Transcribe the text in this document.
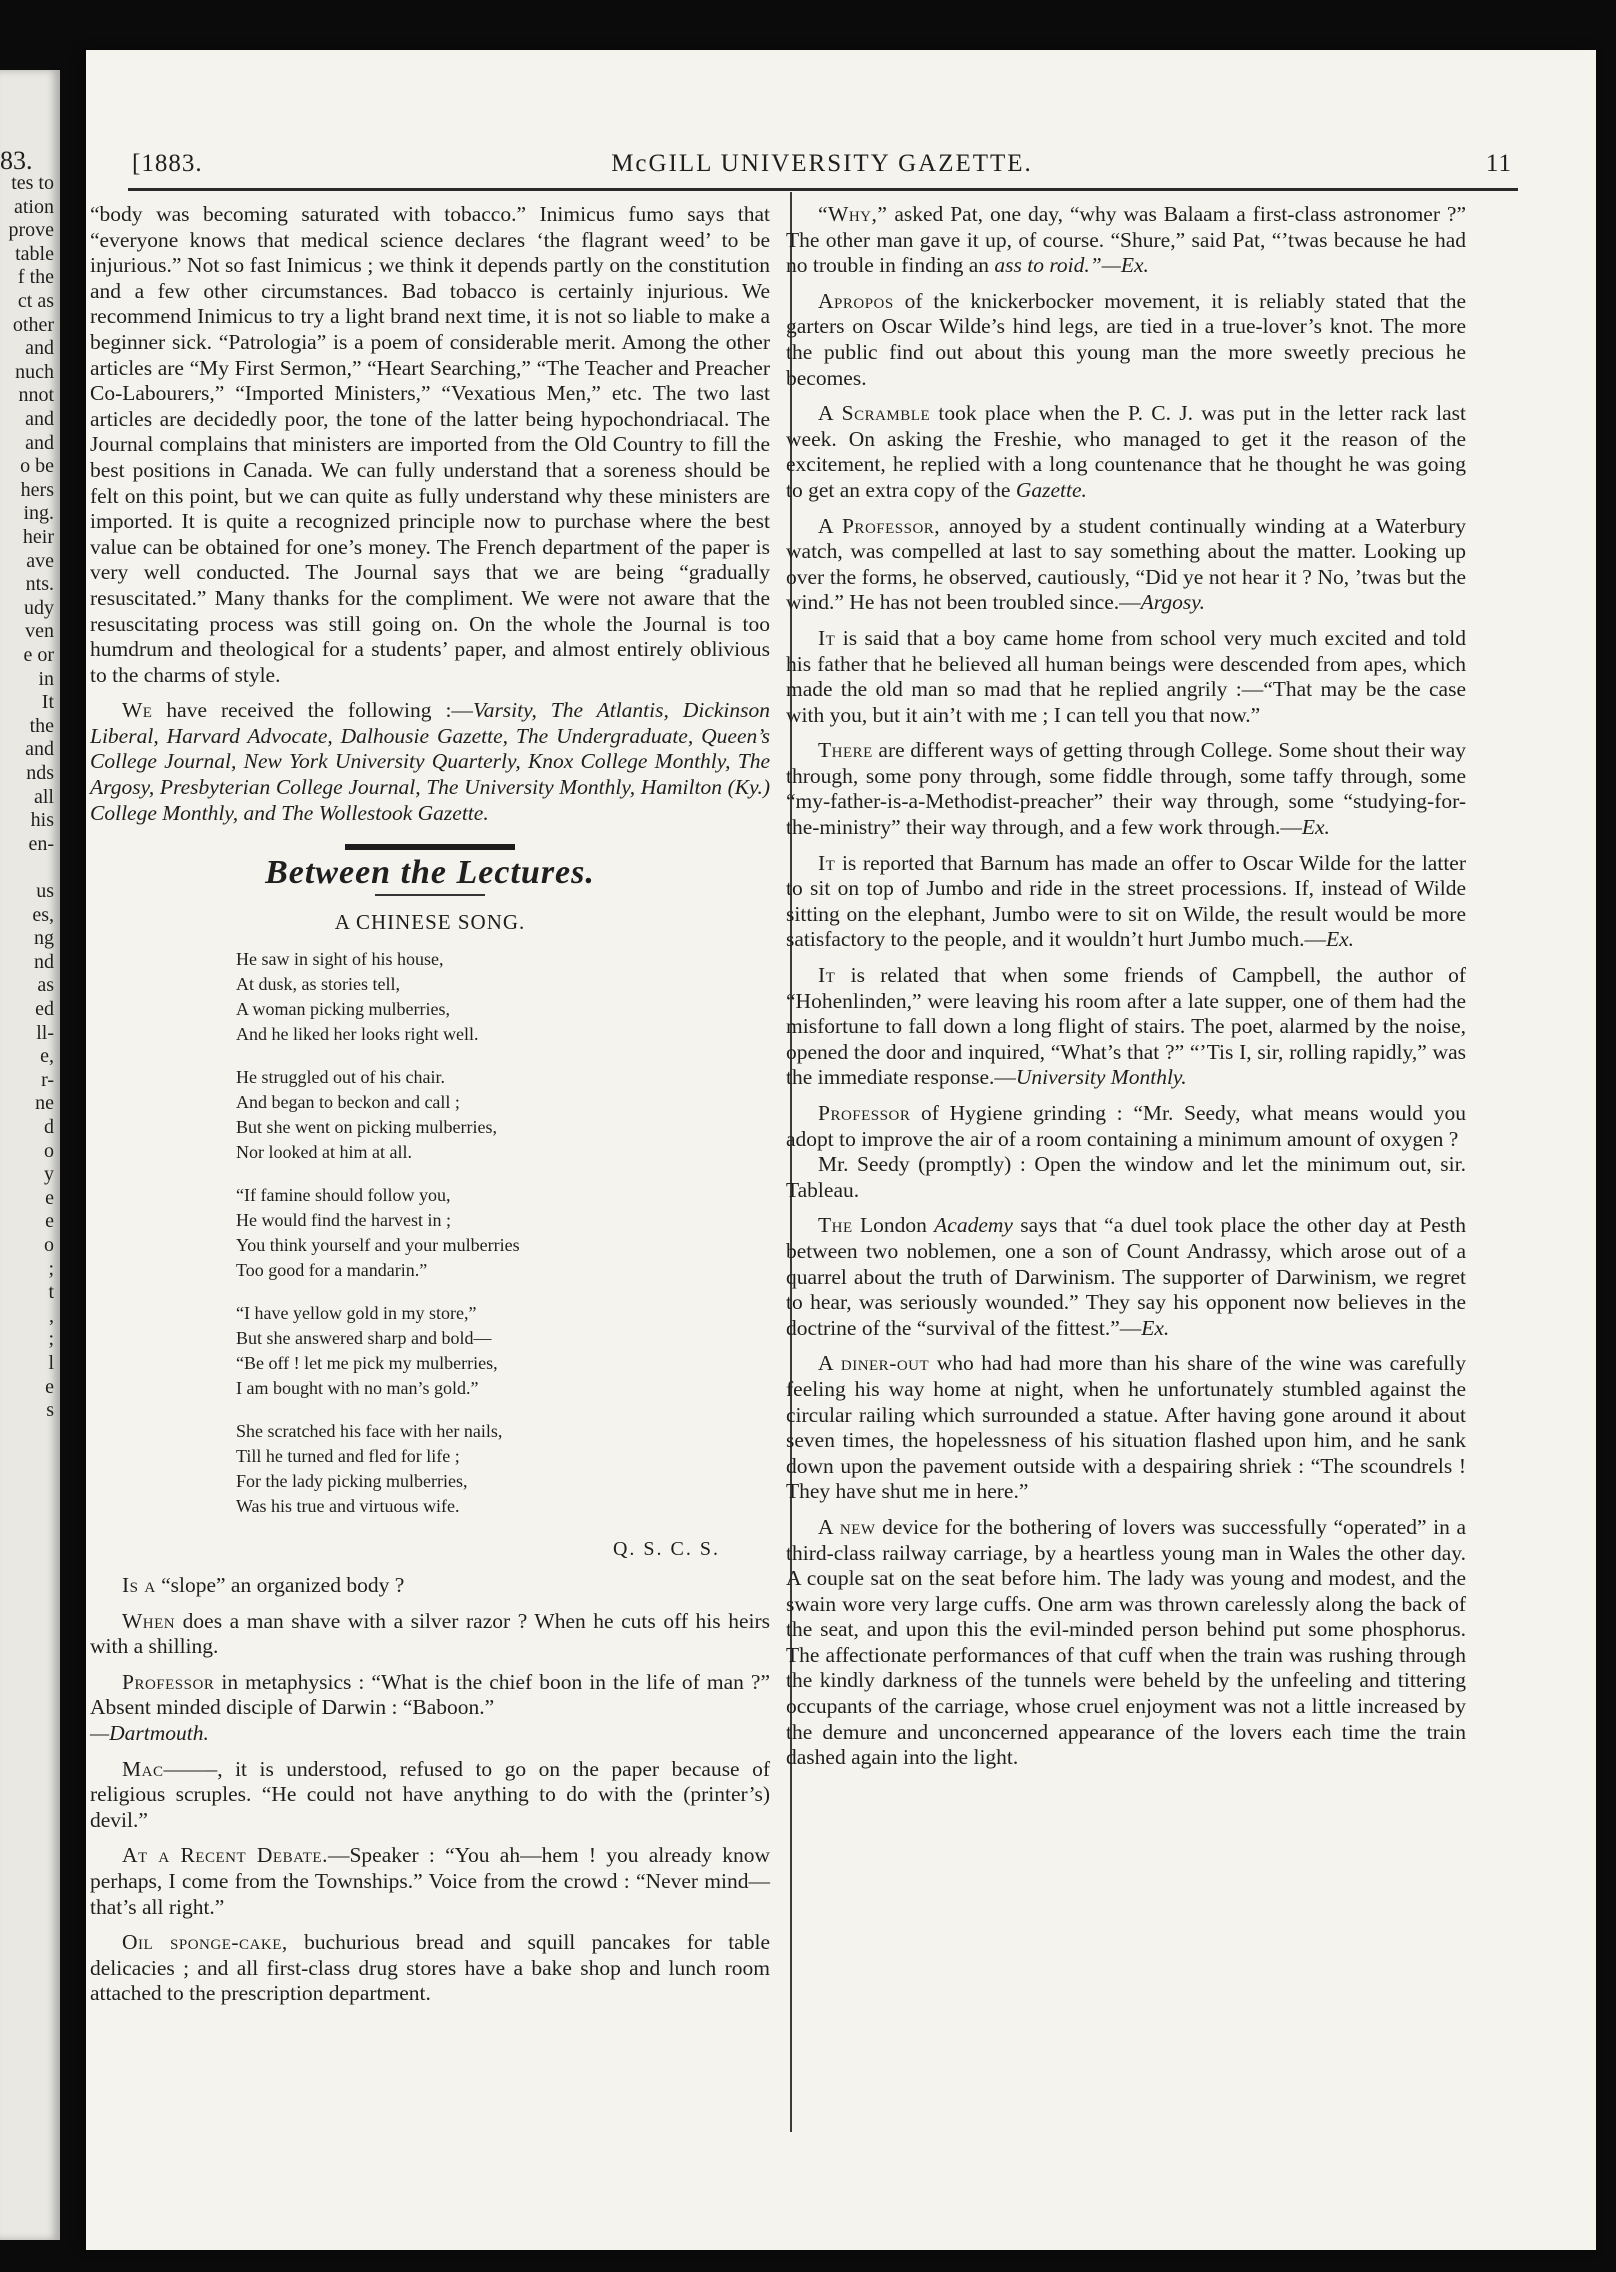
83.
tes to
ation
prove
table
f the
ct as
other
and
nuch
nnot
and
and
o be
hers
ing.
heir
ave
nts.
udy
ven
e or
in
It
the
and
nds
all
his
en-
us
es,
ng
nd
as
ed
ll-
e,
r-
ne
d
o
y
e
e
o
;
t
,
;
l
e
s
[1883.	McGILL UNIVERSITY GAZETTE.	11

“body was becoming saturated with tobacco.” Inimicus fumo says that “everyone knows that medical science declares ‘the flagrant weed’ to be injurious.” Not so fast Inimicus ; we think it depends partly on the constitution and a few other circumstances. Bad tobacco is certainly injurious. We recommend Inimicus to try a light brand next time, it is not so liable to make a beginner sick. “Patrologia” is a poem of considerable merit. Among the other articles are “My First Sermon,” “Heart Searching,” “The Teacher and Preacher Co-Labourers,” “Imported Ministers,” “Vexatious Men,” etc. The two last articles are decidedly poor, the tone of the latter being hypochondriacal. The Journal complains that ministers are imported from the Old Country to fill the best positions in Canada. We can fully understand that a soreness should be felt on this point, but we can quite as fully understand why these ministers are imported. It is quite a recognized principle now to purchase where the best value can be obtained for one’s money. The French department of the paper is very well conducted. The Journal says that we are being “gradually resuscitated.” Many thanks for the compliment. We were not aware that the resuscitating process was still going on. On the whole the Journal is too humdrum and theological for a students’ paper, and almost entirely oblivious to the charms of style.

We have received the following :—Varsity, The Atlantis, Dickinson Liberal, Harvard Advocate, Dalhousie Gazette, The Undergraduate, Queen’s College Journal, New York University Quarterly, Knox College Monthly, The Argosy, Presbyterian College Journal, The University Monthly, Hamilton (Ky.) College Monthly, and The Wollestook Gazette.

Between the Lectures.
A CHINESE SONG.
He saw in sight of his house,
At dusk, as stories tell,
A woman picking mulberries,
And he liked her looks right well.
He struggled out of his chair.
And began to beckon and call ;
But she went on picking mulberries,
Nor looked at him at all.
“If famine should follow you,
He would find the harvest in ;
You think yourself and your mulberries
Too good for a mandarin.”
“I have yellow gold in my store,”
But she answered sharp and bold—
“Be off ! let me pick my mulberries,
I am bought with no man’s gold.”
She scratched his face with her nails,
Till he turned and fled for life ;
For the lady picking mulberries,
Was his true and virtuous wife.
Q. S. C. S.

Is a “slope” an organized body ?

When does a man shave with a silver razor ? When he cuts off his heirs with a shilling.

Professor in metaphysics : “What is the chief boon in the life of man ?” Absent minded disciple of Darwin : “Baboon.”
—Dartmouth.

Mac——–, it is understood, refused to go on the paper because of religious scruples. “He could not have anything to do with the (printer’s) devil.”

At a Recent Debate.—Speaker : “You ah—hem ! you already know perhaps, I come from the Townships.” Voice from the crowd : “Never mind—that’s all right.”

Oil sponge-cake, buchurious bread and squill pancakes for table delicacies ; and all first-class drug stores have a bake shop and lunch room attached to the prescription department.

“Why,” asked Pat, one day, “why was Balaam a first-class astronomer ?” The other man gave it up, of course. “Shure,” said Pat, “’twas because he had no trouble in finding an ass to roid.”—Ex.

Apropos of the knickerbocker movement, it is reliably stated that the garters on Oscar Wilde’s hind legs, are tied in a true-lover’s knot. The more the public find out about this young man the more sweetly precious he becomes.

A Scramble took place when the P. C. J. was put in the letter rack last week. On asking the Freshie, who managed to get it the reason of the excitement, he replied with a long countenance that he thought he was going to get an extra copy of the Gazette.

A Professor, annoyed by a student continually winding at a Waterbury watch, was compelled at last to say something about the matter. Looking up over the forms, he observed, cautiously, “Did ye not hear it ? No, ’twas but the wind.” He has not been troubled since.—Argosy.

It is said that a boy came home from school very much excited and told his father that he believed all human beings were descended from apes, which made the old man so mad that he replied angrily :—“That may be the case with you, but it ain’t with me ; I can tell you that now.”

There are different ways of getting through College. Some shout their way through, some pony through, some fiddle through, some taffy through, some “my-father-is-a-Methodist-preacher” their way through, some “studying-for-the-ministry” their way through, and a few work through.—Ex.

It is reported that Barnum has made an offer to Oscar Wilde for the latter to sit on top of Jumbo and ride in the street processions. If, instead of Wilde sitting on the elephant, Jumbo were to sit on Wilde, the result would be more satisfactory to the people, and it wouldn’t hurt Jumbo much.—Ex.

It is related that when some friends of Campbell, the author of “Hohenlinden,” were leaving his room after a late supper, one of them had the misfortune to fall down a long flight of stairs. The poet, alarmed by the noise, opened the door and inquired, “What’s that ?” “’Tis I, sir, rolling rapidly,” was the immediate response.—University Monthly.

Professor of Hygiene grinding : “Mr. Seedy, what means would you adopt to improve the air of a room containing a minimum amount of oxygen ?

Mr. Seedy (promptly) : Open the window and let the minimum out, sir. Tableau.

The London Academy says that “a duel took place the other day at Pesth between two noblemen, one a son of Count Andrassy, which arose out of a quarrel about the truth of Darwinism. The supporter of Darwinism, we regret to hear, was seriously wounded.” They say his opponent now believes in the doctrine of the “survival of the fittest.”—Ex.

A diner-out who had had more than his share of the wine was carefully feeling his way home at night, when he unfortunately stumbled against the circular railing which surrounded a statue. After having gone around it about seven times, the hopelessness of his situation flashed upon him, and he sank down upon the pavement outside with a despairing shriek : “The scoundrels ! They have shut me in here.”

A new device for the bothering of lovers was successfully “operated” in a third-class railway carriage, by a heartless young man in Wales the other day. A couple sat on the seat before him. The lady was young and modest, and the swain wore very large cuffs. One arm was thrown carelessly along the back of the seat, and upon this the evil-minded person behind put some phosphorus. The affectionate performances of that cuff when the train was rushing through the kindly darkness of the tunnels were beheld by the unfeeling and tittering occupants of the carriage, whose cruel enjoyment was not a little increased by the demure and unconcerned appearance of the lovers each time the train dashed again into the light.
